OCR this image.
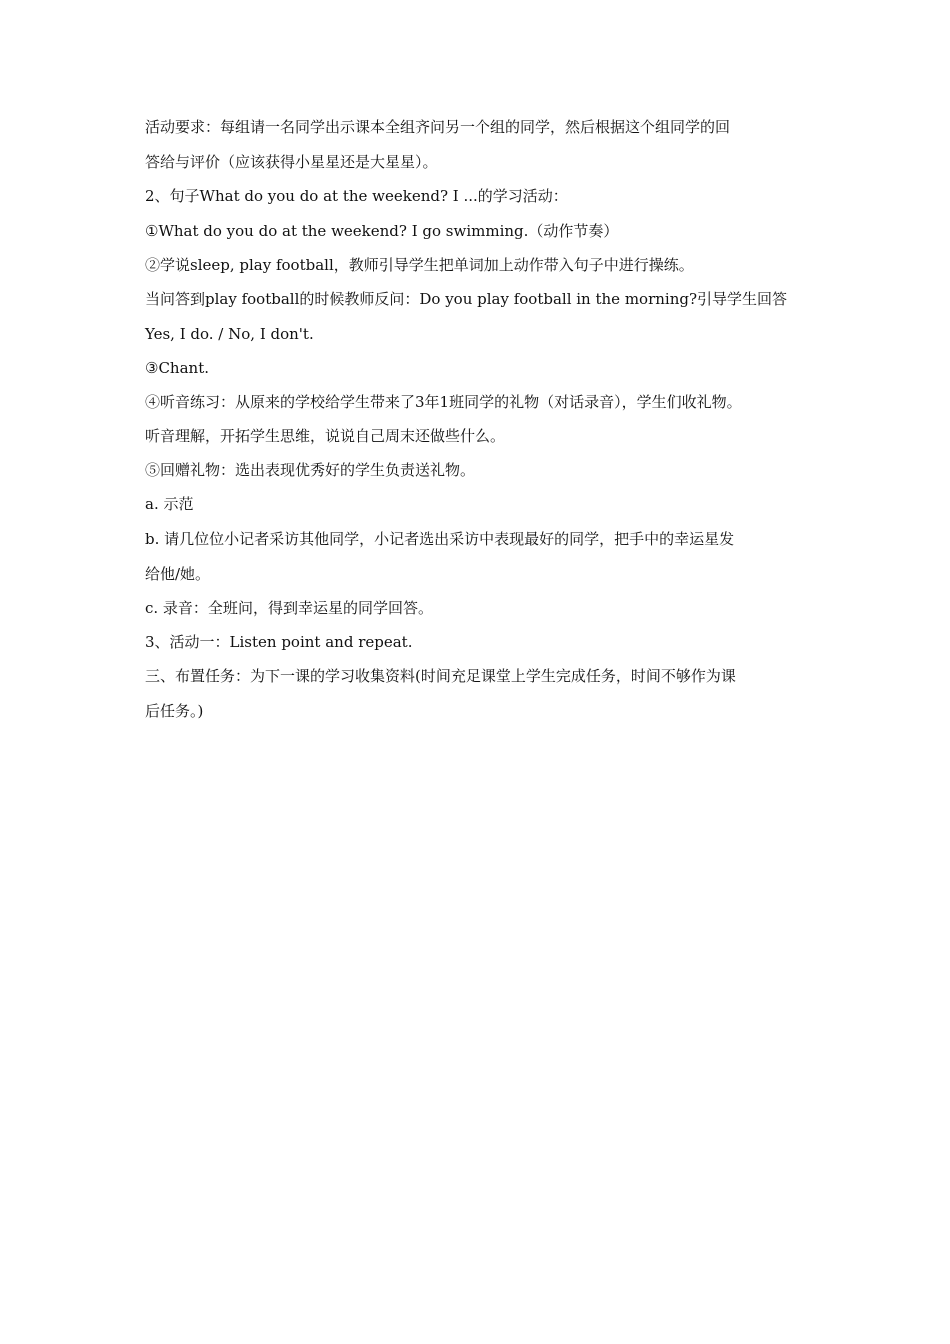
活动要求：每组请一名同学出示课本全组齐问另一个组的同学，然后根据这个组同学的回

答给与评价（应该获得小星星还是大星星）。

2、句子What do you do at the weekend? I ...的学习活动：

①What do you do at the weekend? I go swimming.（动作节奏）

②学说sleep, play football，教师引导学生把单词加上动作带入句子中进行操练。

当问答到play football的时候教师反问：Do you play football in the morning?引导学生回答

Yes, I do. / No, I don't.

③Chant.

④听音练习：从原来的学校给学生带来了3年1班同学的礼物（对话录音），学生们收礼物。

听音理解，开拓学生思维，说说自己周末还做些什么。

⑤回赠礼物：选出表现优秀好的学生负责送礼物。

a. 示范

b. 请几位位小记者采访其他同学，小记者选出采访中表现最好的同学，把手中的幸运星发

给他/她。

c. 录音：全班问，得到幸运星的同学回答。

3、活动一：Listen point and repeat.

三、布置任务：为下一课的学习收集资料(时间充足课堂上学生完成任务，时间不够作为课

后任务。)
